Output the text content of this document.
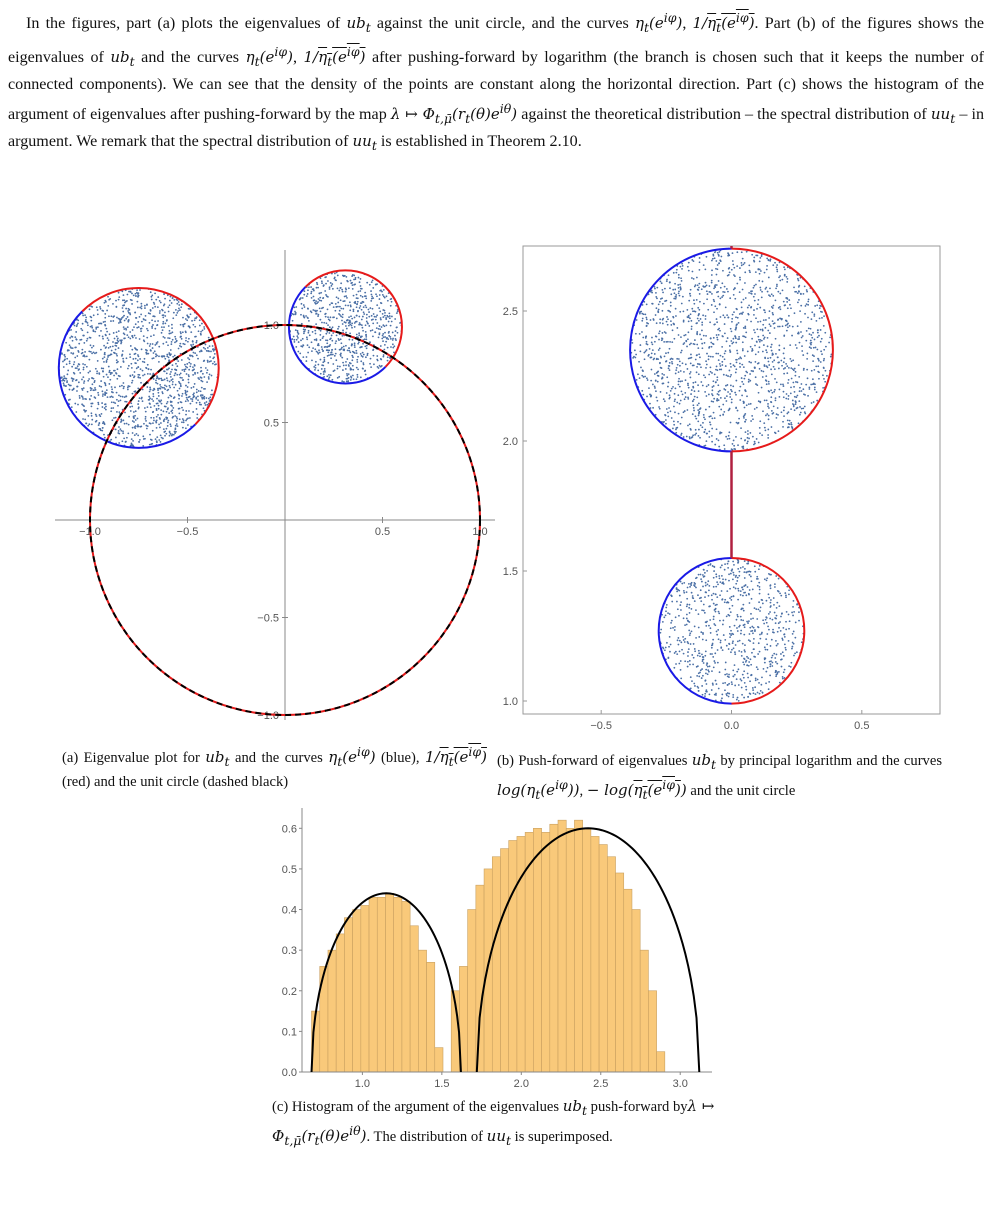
In the figures, part (a) plots the eigenvalues of $ub_t$ against the unit circle, and the curves $\eta_t(e^{i\varphi})$, $1/\eta_t(e^{i\varphi})$. Part (b) of the figures shows the eigenvalues of $ub_t$ and the curves $\eta_t(e^{i\varphi})$, $1/\eta_t(e^{i\varphi})$ after pushing-forward by logarithm (the branch is chosen such that it keeps the number of connected components). We can see that the density of the points are constant along the horizontal direction. Part (c) shows the histogram of the argument of eigenvalues after pushing-forward by the map λ ↦ $\Phi_{t,\mū}(r_t(\theta)e^{i\theta})$ against the theoretical distribution – the spectral distribution of $uu_t$ – in argument. We remark that the spectral distribution of $uu_t$ is established in Theorem 2.10.

−1.0	−0.5	0.5	1.0
1.0
0.5
−0.5
−1.0

(a) Eigenvalue plot for $ub_t$ and the curves $\eta_t(e^{i\varphi})$ (blue), $1/\eta_t(e^{i\varphi})$ (red) and the unit circle (dashed black)

−0.5	0.0	0.5
2.5
2.0
1.5
1.0

(b) Push-forward of eigenvalues $ub_t$ by principal logarithm and the curves $\log(\eta_t(e^{i\varphi}))$, − $\log(\eta_t(e^{i\varphi}))$ and the unit circle

1.0	1.5	2.0	2.5	3.0
0.6
0.5
0.4
0.3
0.2
0.1
0.0

(c) Histogram of the argument of the eigenvalues $ub_t$ push-forward byλ ↦ $\Phi_{t,\mū}(r_t(\theta)e^{i\theta})$. The distribution of $uu_t$ is superimposed.
